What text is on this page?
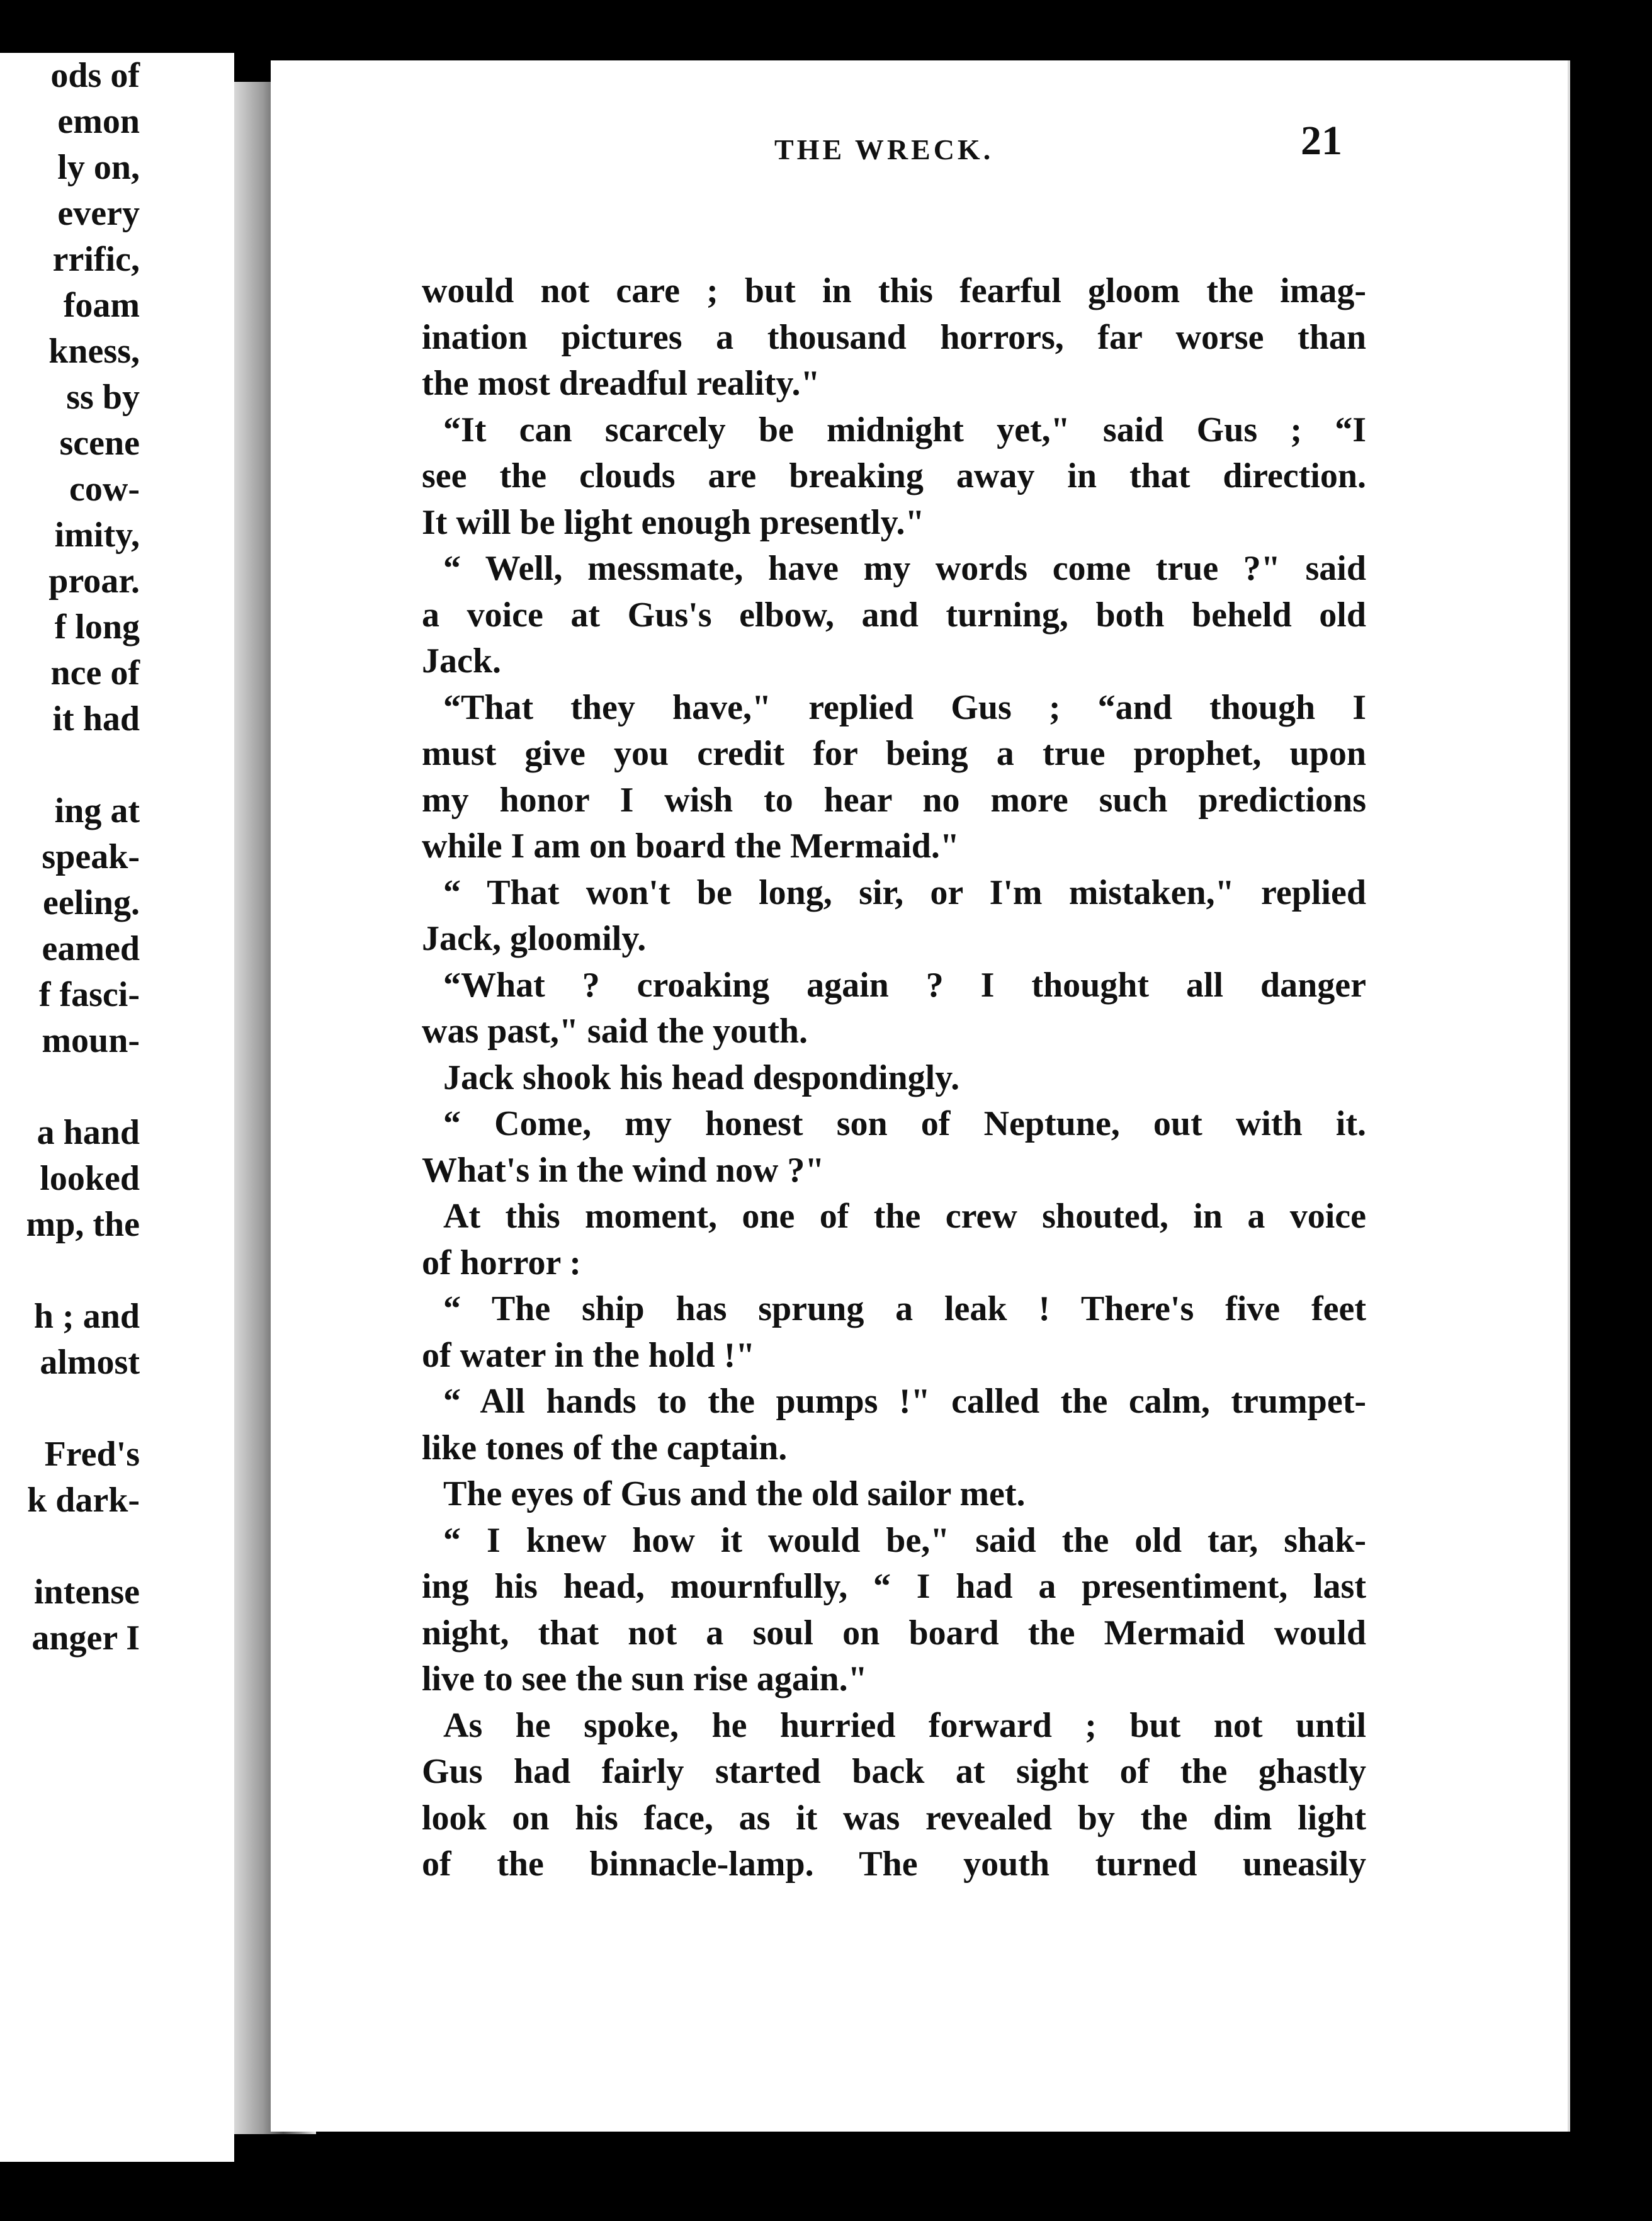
ods of
emon
ly on,
every
rrific,
foam
kness,
ss by
scene
cow-
imity,
proar.
f long
nce of
it had
ing at
speak-
eeling.
eamed
f fasci-
moun-
a hand
looked
mp, the
h ; and
almost
Fred's
k dark-
intense
anger I
THE WRECK.	21
would not care ; but in this fearful gloom the imag-
ination pictures a thousand horrors, far worse than
the most dreadful reality."
“It can scarcely be midnight yet," said Gus ; “I
see the clouds are breaking away in that direction.
It will be light enough presently."
“ Well, messmate, have my words come true ?" said
a voice at Gus's elbow, and turning, both beheld old
Jack.
“That they have," replied Gus ; “and though I
must give you credit for being a true prophet, upon
my honor I wish to hear no more such predictions
while I am on board the Mermaid."
“ That won't be long, sir, or I'm mistaken," replied
Jack, gloomily.
“What ? croaking again ? I thought all danger
was past," said the youth.
Jack shook his head despondingly.
“ Come, my honest son of Neptune, out with it.
What's in the wind now ?"
At this moment, one of the crew shouted, in a voice
of horror :
“ The ship has sprung a leak ! There's five feet
of water in the hold !"
“ All hands to the pumps !" called the calm, trumpet-
like tones of the captain.
The eyes of Gus and the old sailor met.
“ I knew how it would be," said the old tar, shak-
ing his head, mournfully, “ I had a presentiment, last
night, that not a soul on board the Mermaid would
live to see the sun rise again."
As he spoke, he hurried forward ; but not until
Gus had fairly started back at sight of the ghastly
look on his face, as it was revealed by the dim light
of the binnacle-lamp. The youth turned uneasily
